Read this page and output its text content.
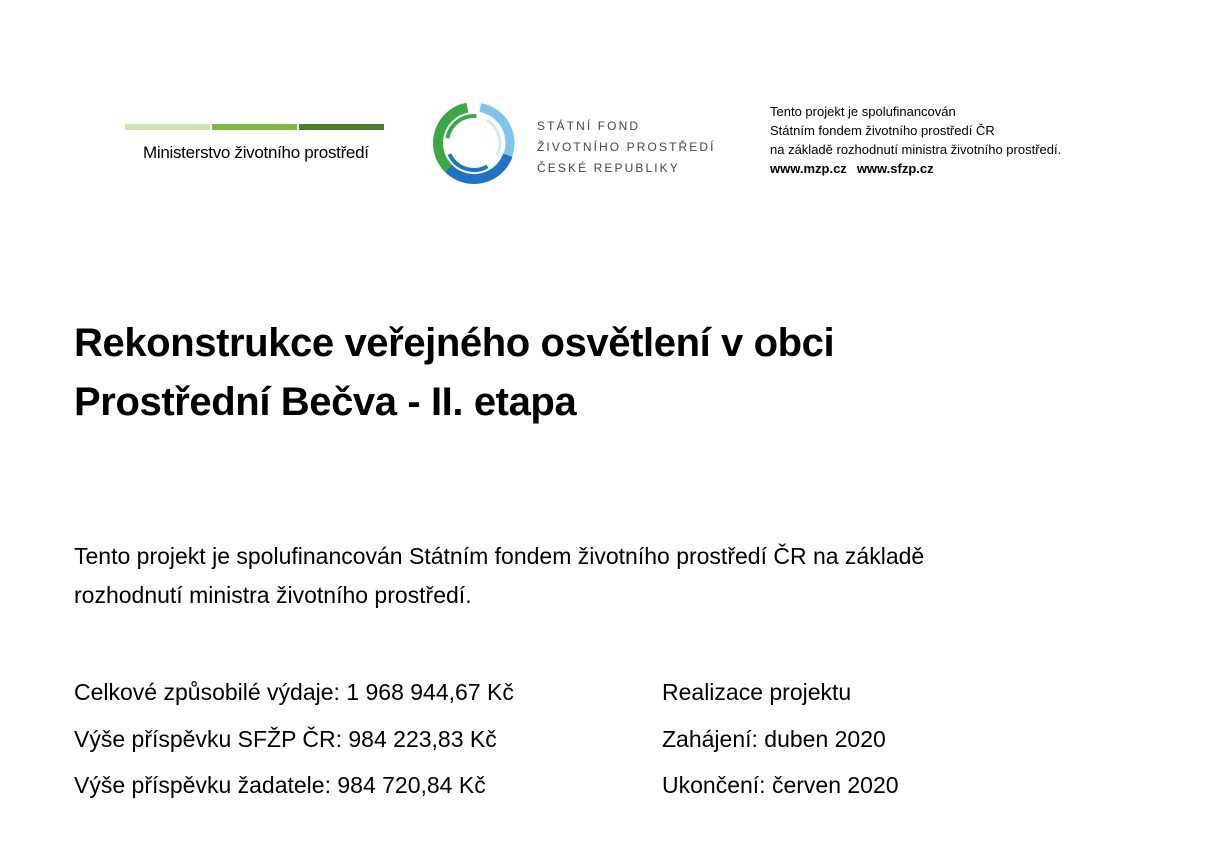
Ministerstvo životního prostředí
STÁTNÍ FOND
ŽIVOTNÍHO PROSTŘEDÍ
ČESKÉ REPUBLIKY
Tento projekt je spolufinancován
Státním fondem životního prostředí ČR
na základě rozhodnutí ministra životního prostředí.
www.mzp.cz www.sfzp.cz
Rekonstrukce veřejného osvětlení v obci
Prostřední Bečva - II. etapa

Tento projekt je spolufinancován Státním fondem životního prostředí ČR na základě
rozhodnutí ministra životního prostředí.

Celkové způsobilé výdaje: 1 968 944,67 Kč
Výše příspěvku SFŽP ČR: 984 223,83 Kč
Výše příspěvku žadatele: 984 720,84 Kč
Realizace projektu
Zahájení: duben 2020
Ukončení: červen 2020
